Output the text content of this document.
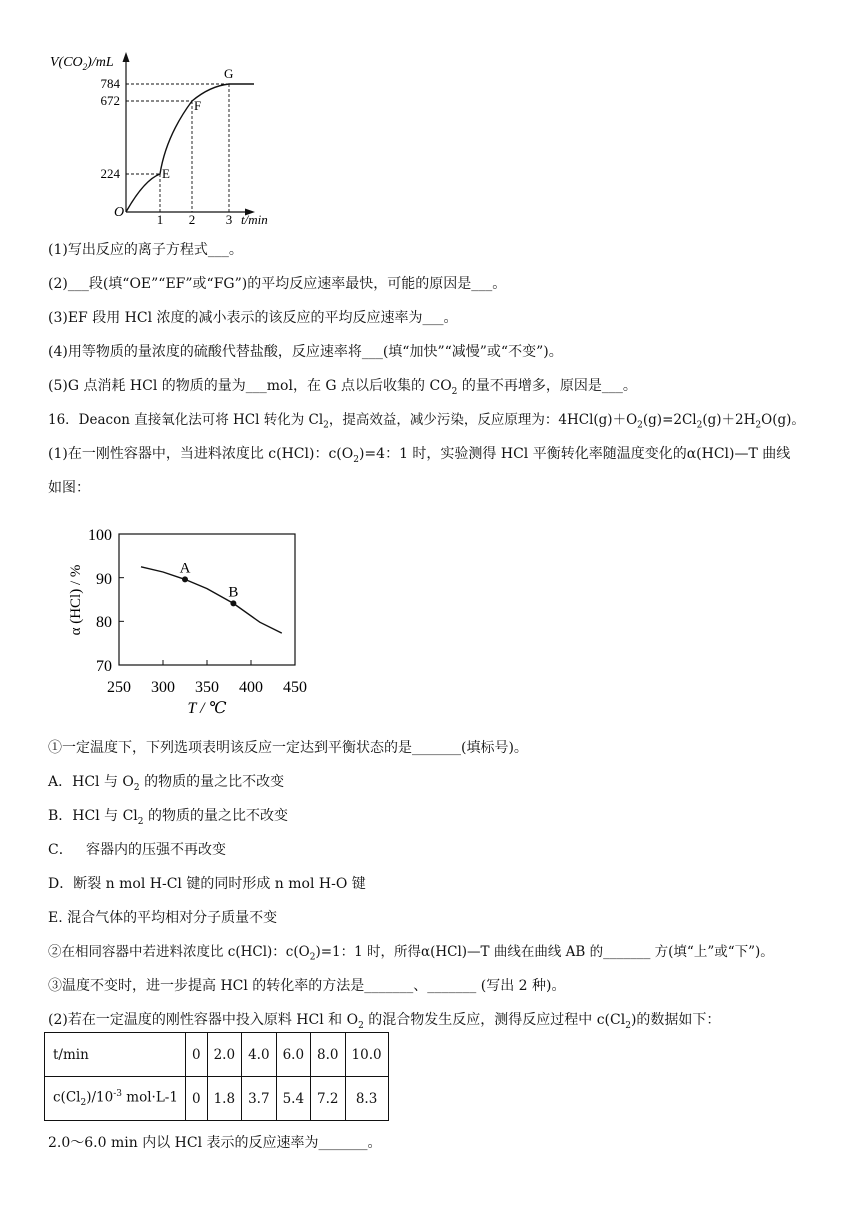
$V(CO_2)/mL$
784
672
224
O	1 2 3 t/min
E
F
G
(1)写出反应的离子方程式___。
(2)___段(填“OE”“EF”或“FG”)的平均反应速率最快，可能的原因是___。
(3)EF 段用 HCl 浓度的减小表示的该反应的平均反应速率为___。
(4)用等物质的量浓度的硫酸代替盐酸，反应速率将___(填“加快”“减慢”或“不变”)。
(5)G 点消耗 HCl 的物质的量为___mol，在 G 点以后收集的 $CO_2$ 的量不再增多，原因是___。
16．Deacon 直接氧化法可将 HCl 转化为 $Cl_2$，提高效益，减少污染，反应原理为：$4HCl(g)+O_2(g)=2Cl_2(g)+2H_2O(g)$。
(1)在一刚性容器中，当进料浓度比 c(HCl)：$c(O_2)=4$：1 时，实验测得 HCl 平衡转化率随温度变化的α(HCl)—T 曲线
如图：
A
B
100
90
80
70
250 300 350 400 450
α (HCl) / %
T / ℃
①一定温度下，下列选项表明该反应一定达到平衡状态的是_______(填标号)。
A．HCl 与 $O_2$ 的物质的量之比不改变
B．HCl 与 $Cl_2$ 的物质的量之比不改变
C．   容器内的压强不再改变
D．断裂 n mol H-Cl 键的同时形成 n mol H-O 键
E. 混合气体的平均相对分子质量不变
②在相同容器中若进料浓度比 c(HCl)：$c(O_2)=1$：1 时，所得α(HCl)—T 曲线在曲线 AB 的_______ 方(填“上”或“下”)。
③温度不变时，进一步提高 HCl 的转化率的方法是_______、_______ (写出 2 种)。
(2)若在一定温度的刚性容器中投入原料 HCl 和 $O_2$ 的混合物发生反应，测得反应过程中 $c(Cl_2)$的数据如下：
t/min	0	2.0	4.0	6.0	8.0	10.0
$c(Cl_2)/10^{-3}$ mol·L-1	0	1.8	3.7	5.4	7.2	8.3
2.0～6.0 min 内以 HCl 表示的反应速率为_______。
